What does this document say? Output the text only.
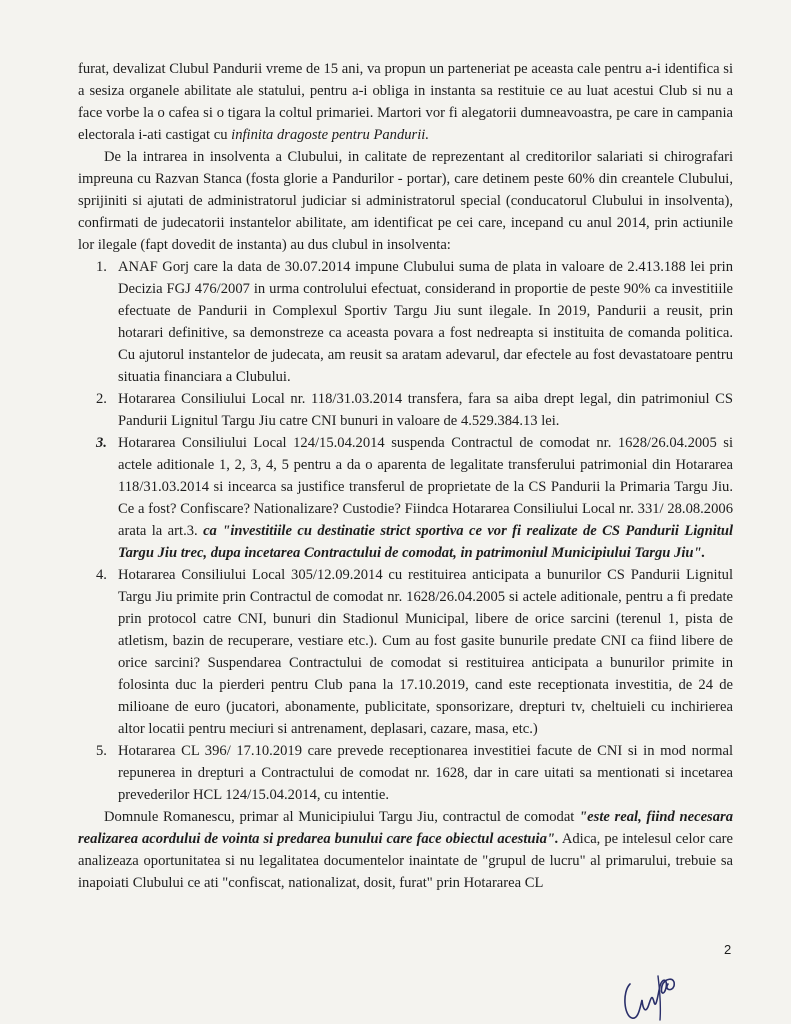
furat, devalizat Clubul Pandurii vreme de 15 ani, va propun un parteneriat pe aceasta cale pentru a-i identifica si a sesiza organele abilitate ale statului, pentru a-i obliga in instanta sa restituie ce au luat acestui Club si nu a face vorbe la o cafea si o tigara la coltul primariei. Martori vor fi alegatorii dumneavoastra, pe care in campania electorala i-ati castigat cu infinita dragoste pentru Pandurii.

De la intrarea in insolventa a Clubului, in calitate de reprezentant al creditorilor salariati si chirografari impreuna cu Razvan Stanca (fosta glorie a Pandurilor - portar), care detinem peste 60% din creantele Clubului, sprijiniti si ajutati de administratorul judiciar si administratorul special (conducatorul Clubului in insolventa), confirmati de judecatorii instantelor abilitate, am identificat pe cei care, incepand cu anul 2014, prin actiunile lor ilegale (fapt dovedit de instanta) au dus clubul in insolventa:

1. ANAF Gorj care la data de 30.07.2014 impune Clubului suma de plata in valoare de 2.413.188 lei prin Decizia FGJ 476/2007 in urma controlului efectuat, considerand in proportie de peste 90% ca investitiile efectuate de Pandurii in Complexul Sportiv Targu Jiu sunt ilegale. In 2019, Pandurii a reusit, prin hotarari definitive, sa demonstreze ca aceasta povara a fost nedreapta si instituita de comanda politica. Cu ajutorul instantelor de judecata, am reusit sa aratam adevarul, dar efectele au fost devastatoare pentru situatia financiara a Clubului.
2. Hotararea Consiliului Local nr. 118/31.03.2014 transfera, fara sa aiba drept legal, din patrimoniul CS Pandurii Lignitul Targu Jiu catre CNI bunuri in valoare de 4.529.384.13 lei.
3. Hotararea Consiliului Local 124/15.04.2014 suspenda Contractul de comodat nr. 1628/26.04.2005 si actele aditionale 1, 2, 3, 4, 5 pentru a da o aparenta de legalitate transferului patrimonial din Hotararea 118/31.03.2014 si incearca sa justifice transferul de proprietate de la CS Pandurii la Primaria Targu Jiu. Ce a fost? Confiscare? Nationalizare? Custodie? Fiindca Hotararea Consiliului Local nr. 331/ 28.08.2006 arata la art.3. ca "investitiile cu destinatie strict sportiva ce vor fi realizate de CS Pandurii Lignitul Targu Jiu trec, dupa incetarea Contractului de comodat, in patrimoniul Municipiului Targu Jiu".
4. Hotararea Consiliului Local 305/12.09.2014 cu restituirea anticipata a bunurilor CS Pandurii Lignitul Targu Jiu primite prin Contractul de comodat nr. 1628/26.04.2005 si actele aditionale, pentru a fi predate prin protocol catre CNI, bunuri din Stadionul Municipal, libere de orice sarcini (terenul 1, pista de atletism, bazin de recuperare, vestiare etc.). Cum au fost gasite bunurile predate CNI ca fiind libere de orice sarcini? Suspendarea Contractului de comodat si restituirea anticipata a bunurilor primite in folosinta duc la pierderi pentru Club pana la 17.10.2019, cand este receptionata investitia, de 24 de milioane de euro (jucatori, abonamente, publicitate, sponsorizare, drepturi tv, cheltuieli cu inchirierea altor locatii pentru meciuri si antrenament, deplasari, cazare, masa, etc.)
5. Hotararea CL 396/ 17.10.2019 care prevede receptionarea investitiei facute de CNI si in mod normal repunerea in drepturi a Contractului de comodat nr. 1628, dar in care uitati sa mentionati si incetarea prevederilor HCL 124/15.04.2014, cu intentie.

Domnule Romanescu, primar al Municipiului Targu Jiu, contractul de comodat "este real, fiind necesara realizarea acordului de vointa si predarea bunului care face obiectul acestuia". Adica, pe intelesul celor care analizeaza oportunitatea si nu legalitatea documentelor inaintate de "grupul de lucru" al primarului, trebuie sa inapoiati Clubului ce ati "confiscat, nationalizat, dosit, furat" prin Hotararea CL

2
